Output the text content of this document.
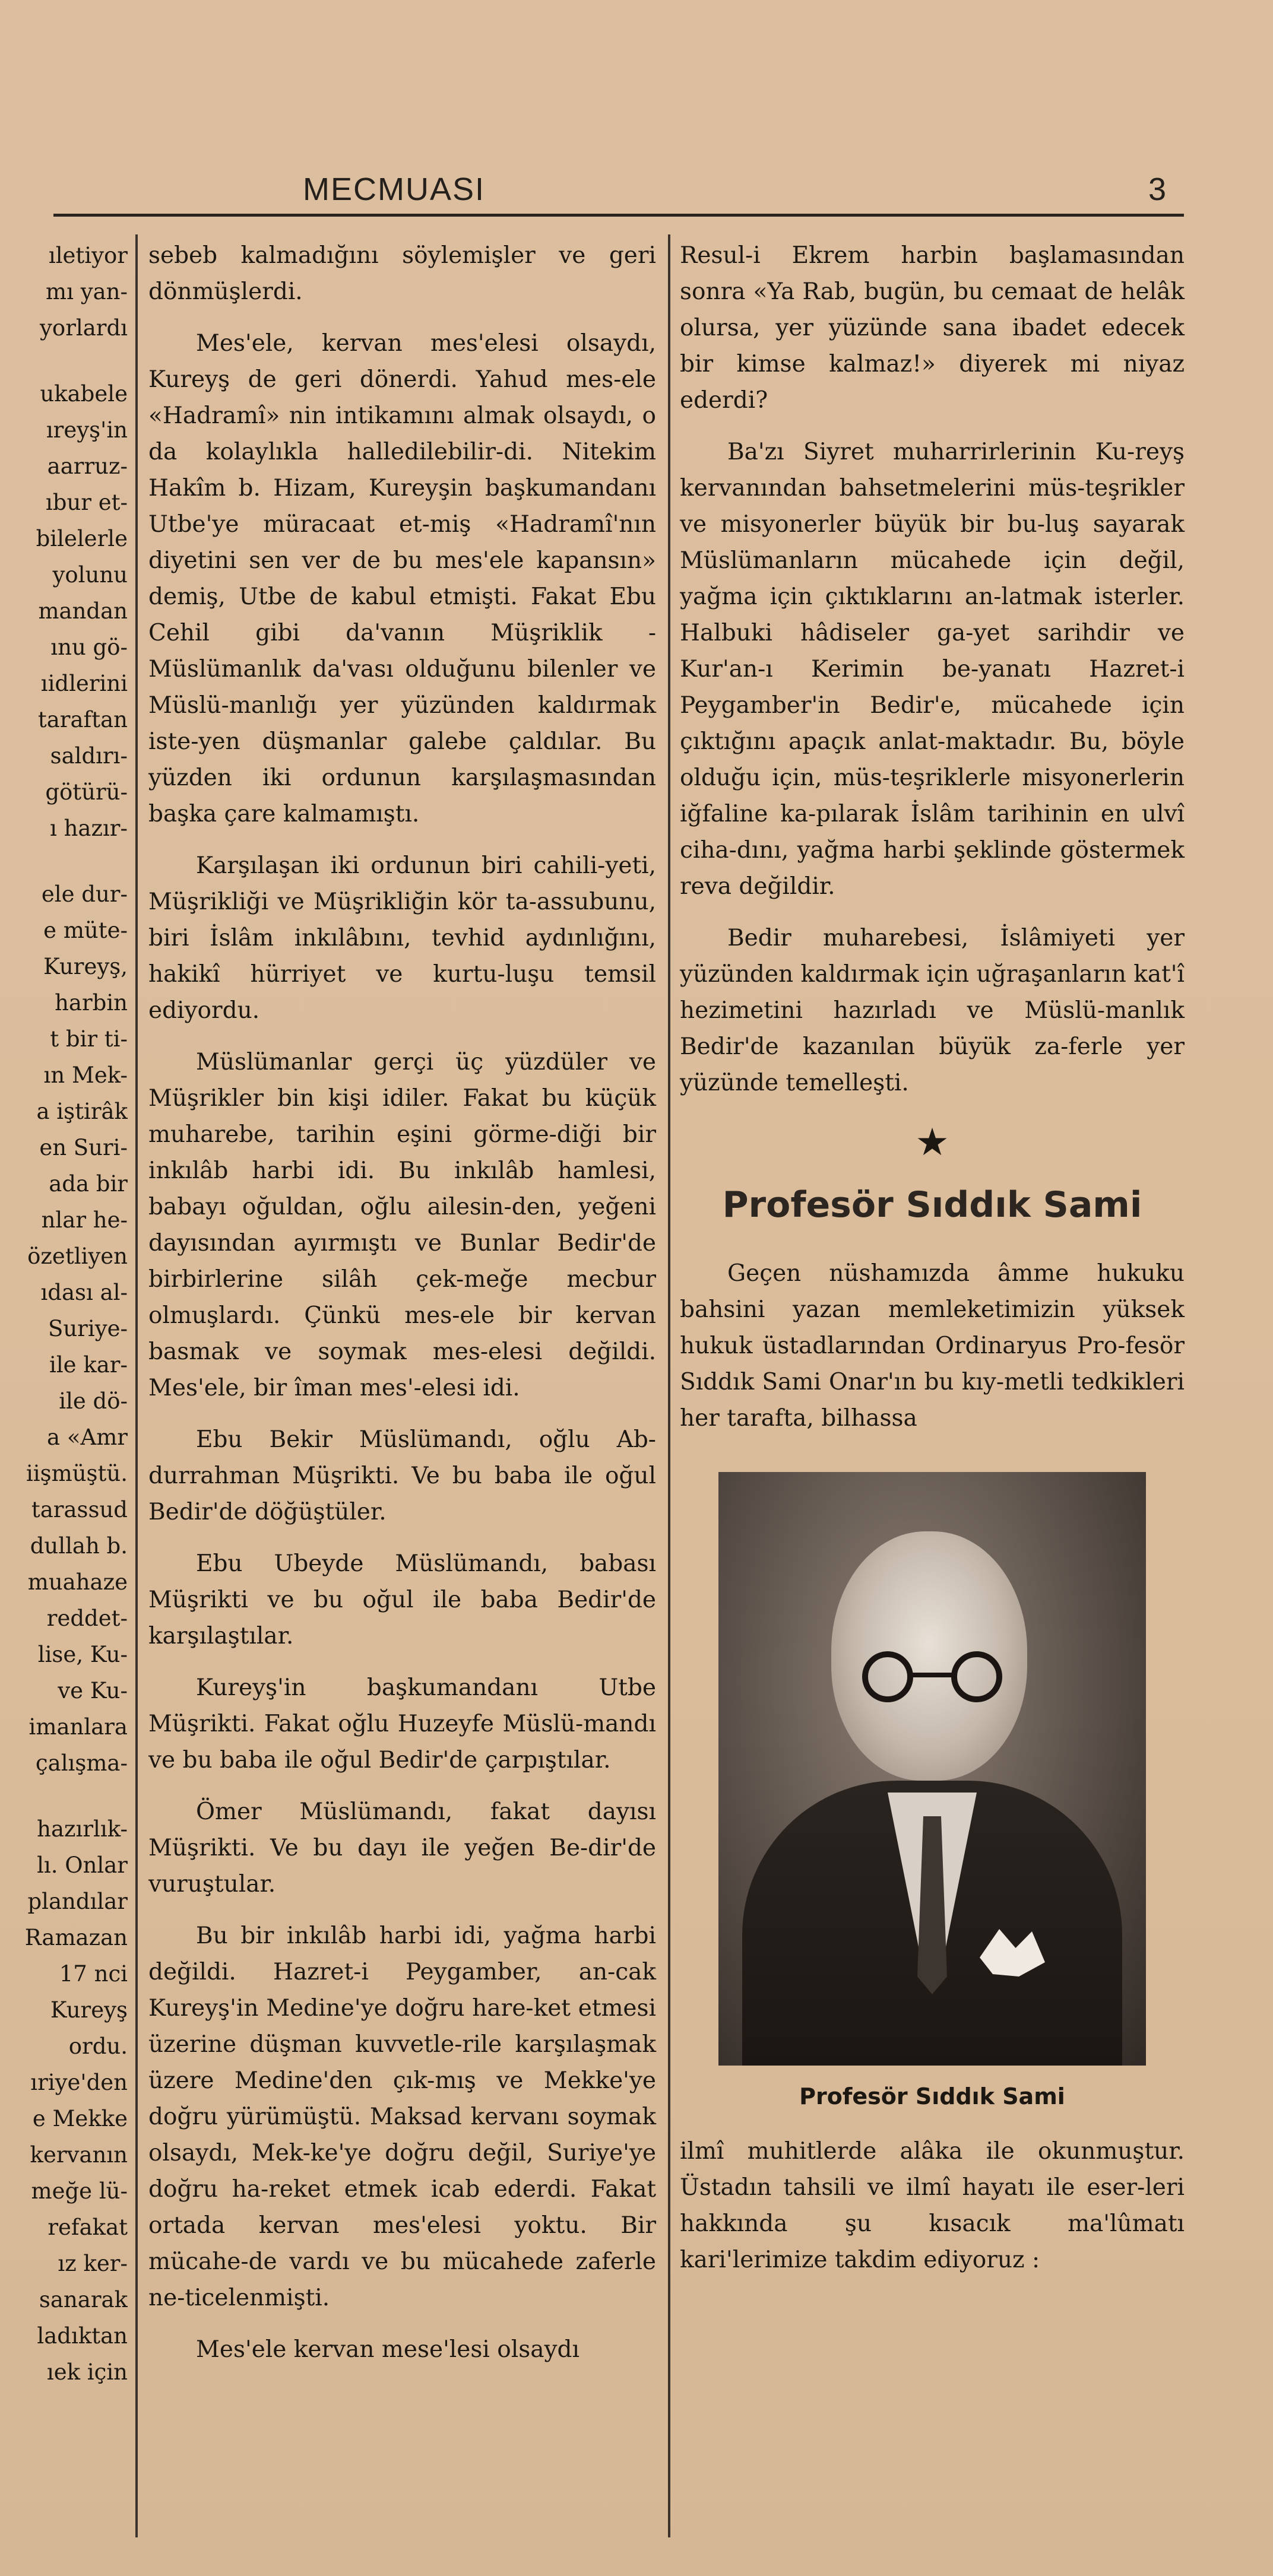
MECMUASI	3
ıletiyor
mı yan-
yorlardı
ukabele
ıreyş'in
aarruz-
ıbur et-
bilelerle
yolunu
mandan
ınu gö-
ıidlerini
taraftan
saldırı-
götürü-
ı hazır-
ele dur-
e müte-
Kureyş,
harbin
t bir ti-
ın Mek-
a iştirâk
en Suri-
ada bir
nlar he-
özetliyen
ıdası al-
Suriye-
ile kar-
ile dö-
a «Amr
iişmüştü.
tarassud
dullah b.
muahaze
reddet-
lise, Ku-
ve Ku-
imanlara
çalışma-
hazırlık-
lı. Onlar
plandılar
Ramazan
17 nci
Kureyş
ordu.
ıriye'den
e Mekke
kervanın
meğe lü-
refakat
ız ker-
sanarak
ladıktan
ıek için

sebeb kalmadığını söylemişler ve geri dönmüşlerdi.

Mes'ele, kervan mes'elesi olsaydı, Kureyş de geri dönerdi. Yahud mes-ele «Hadramî» nin intikamını almak olsaydı, o da kolaylıkla halledilebilir-di. Nitekim Hakîm b. Hizam, Kureyşin başkumandanı Utbe'ye müracaat et-miş «Hadramî'nın diyetini sen ver de bu mes'ele kapansın» demiş, Utbe de kabul etmişti. Fakat Ebu Cehil gibi da'vanın Müşriklik - Müslümanlık da'vası olduğunu bilenler ve Müslü-manlığı yer yüzünden kaldırmak iste-yen düşmanlar galebe çaldılar. Bu yüzden iki ordunun karşılaşmasından başka çare kalmamıştı.

Karşılaşan iki ordunun biri cahili-yeti, Müşrikliği ve Müşrikliğin kör ta-assubunu, biri İslâm inkılâbını, tevhid aydınlığını, hakikî hürriyet ve kurtu-luşu temsil ediyordu.

Müslümanlar gerçi üç yüzdüler ve Müşrikler bin kişi idiler. Fakat bu küçük muharebe, tarihin eşini görme-diği bir inkılâb harbi idi. Bu inkılâb hamlesi, babayı oğuldan, oğlu ailesin-den, yeğeni dayısından ayırmıştı ve Bunlar Bedir'de birbirlerine silâh çek-meğe mecbur olmuşlardı. Çünkü mes-ele bir kervan basmak ve soymak mes-elesi değildi. Mes'ele, bir îman mes'-elesi idi.

Ebu Bekir Müslümandı, oğlu Ab-durrahman Müşrikti. Ve bu baba ile oğul Bedir'de döğüştüler.

Ebu Ubeyde Müslümandı, babası Müşrikti ve bu oğul ile baba Bedir'de karşılaştılar.

Kureyş'in başkumandanı Utbe Müşrikti. Fakat oğlu Huzeyfe Müslü-mandı ve bu baba ile oğul Bedir'de çarpıştılar.

Ömer Müslümandı, fakat dayısı Müşrikti. Ve bu dayı ile yeğen Be-dir'de vuruştular.

Bu bir inkılâb harbi idi, yağma harbi değildi. Hazret-i Peygamber, an-cak Kureyş'in Medine'ye doğru hare-ket etmesi üzerine düşman kuvvetle-rile karşılaşmak üzere Medine'den çık-mış ve Mekke'ye doğru yürümüştü. Maksad kervanı soymak olsaydı, Mek-ke'ye doğru değil, Suriye'ye doğru ha-reket etmek icab ederdi. Fakat ortada kervan mes'elesi yoktu. Bir mücahe-de vardı ve bu mücahede zaferle ne-ticelenmişti.

Mes'ele kervan mese'lesi olsaydı

Resul-i Ekrem harbin başlamasından sonra «Ya Rab, bugün, bu cemaat de helâk olursa, yer yüzünde sana ibadet edecek bir kimse kalmaz!» diyerek mi niyaz ederdi?

Ba'zı Siyret muharrirlerinin Ku-reyş kervanından bahsetmelerini müs-teşrikler ve misyonerler büyük bir bu-luş sayarak Müslümanların mücahede için değil, yağma için çıktıklarını an-latmak isterler. Halbuki hâdiseler ga-yet sarihdir ve Kur'an-ı Kerimin be-yanatı Hazret-i Peygamber'in Bedir'e, mücahede için çıktığını apaçık anlat-maktadır. Bu, böyle olduğu için, müs-teşriklerle misyonerlerin iğfaline ka-pılarak İslâm tarihinin en ulvî ciha-dını, yağma harbi şeklinde göstermek reva değildir.

Bedir muharebesi, İslâmiyeti yer yüzünden kaldırmak için uğraşanların kat'î hezimetini hazırladı ve Müslü-manlık Bedir'de kazanılan büyük za-ferle yer yüzünde temelleşti.

★
Profesör Sıddık Sami

Geçen nüshamızda âmme hukuku bahsini yazan memleketimizin yüksek hukuk üstadlarından Ordinaryus Pro-fesör Sıddık Sami Onar'ın bu kıy-metli tedkikleri her tarafta, bilhassa

Profesör Sıddık Sami

ilmî muhitlerde alâka ile okunmuştur. Üstadın tahsili ve ilmî hayatı ile eser-leri hakkında şu kısacık ma'lûmatı kari'lerimize takdim ediyoruz :
